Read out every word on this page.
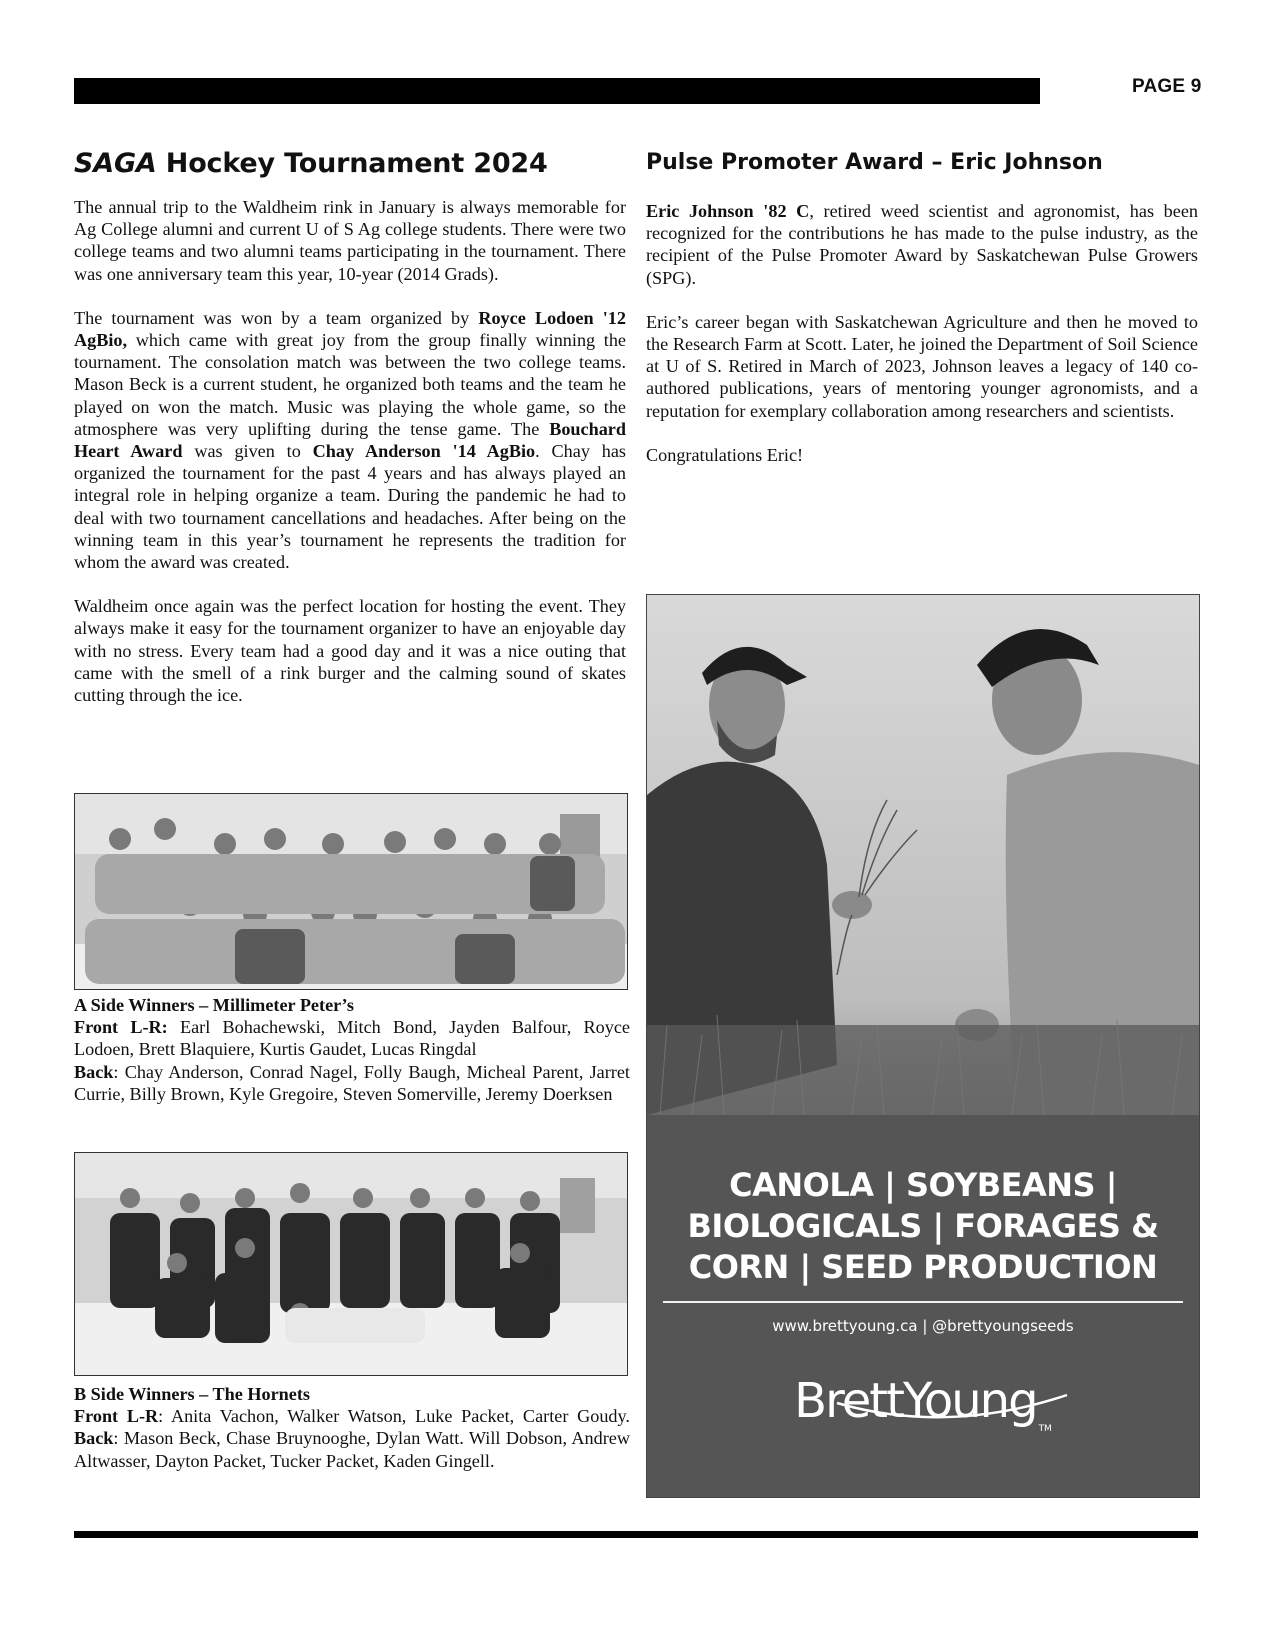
PAGE 9
SAGA Hockey Tournament 2024

The annual trip to the Waldheim rink in January is always memorable for Ag College alumni and current U of S Ag college students. There were two college teams and two alumni teams participating in the tournament. There was one anniversary team this year, 10-year (2014 Grads).

The tournament was won by a team organized by Royce Lodoen '12 AgBio, which came with great joy from the group finally winning the tournament. The consolation match was between the two college teams. Mason Beck is a current student, he organized both teams and the team he played on won the match. Music was playing the whole game, so the atmosphere was very uplifting during the tense game. The Bouchard Heart Award was given to Chay Anderson '14 AgBio. Chay has organized the tournament for the past 4 years and has always played an integral role in helping organize a team. During the pandemic he had to deal with two tournament cancellations and headaches. After being on the winning team in this year’s tournament he represents the tradition for whom the award was created.

Waldheim once again was the perfect location for hosting the event. They always make it easy for the tournament organizer to have an enjoyable day with no stress. Every team had a good day and it was a nice outing that came with the smell of a rink burger and the calming sound of skates cutting through the ice.

A Side Winners – Millimeter Peter’s
Front L-R: Earl Bohachewski, Mitch Bond, Jayden Balfour, Royce Lodoen, Brett Blaquiere, Kurtis Gaudet, Lucas Ringdal
Back: Chay Anderson, Conrad Nagel, Folly Baugh, Micheal Parent, Jarret Currie, Billy Brown, Kyle Gregoire, Steven Somerville, Jeremy Doerksen
B Side Winners – The Hornets
Front L-R: Anita Vachon, Walker Watson, Luke Packet, Carter Goudy. Back: Mason Beck, Chase Bruynooghe, Dylan Watt. Will Dobson, Andrew Altwasser, Dayton Packet, Tucker Packet, Kaden Gingell.
Pulse Promoter Award – Eric Johnson

Eric Johnson '82 C, retired weed scientist and agronomist, has been recognized for the contributions he has made to the pulse industry, as the recipient of the Pulse Promoter Award by Saskatchewan Pulse Growers (SPG).

Eric’s career began with Saskatchewan Agriculture and then he moved to the Research Farm at Scott. Later, he joined the Department of Soil Science at U of S. Retired in March of 2023, Johnson leaves a legacy of 140 co-authored publications, years of mentoring younger agronomists, and a reputation for exemplary collaboration among researchers and scientists.

Congratulations Eric!

CANOLA | SOYBEANS |
BIOLOGICALS | FORAGES &
CORN | SEED PRODUCTION
www.brettyoung.ca | @brettyoungseeds
BrettYoung $_{TM}$
